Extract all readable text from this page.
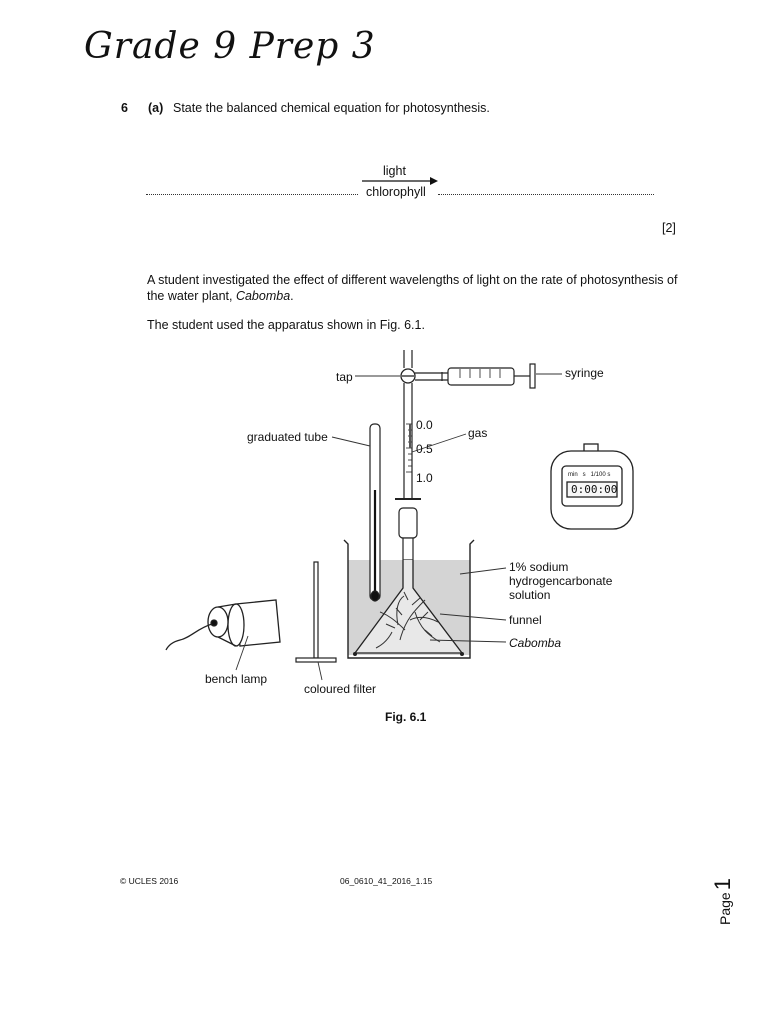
Grade 9 Prep 3
6 (a) State the balanced chemical equation for photosynthesis.
light
chlorophyll
[2]
A student investigated the effect of different wavelengths of light on the rate of photosynthesis of
the water plant, Cabomba.
The student used the apparatus shown in Fig. 6.1.
tap	syringe
graduated tube	gas
0.0
0.5
1.0
1% sodium
hydrogencarbonate
solution
funnel
Cabomba
bench lamp
coloured filter
min   s   1/100 s
0:00:00
Fig. 6.1
© UCLES 2016	06_0610_41_2016_1.15
Page
1
